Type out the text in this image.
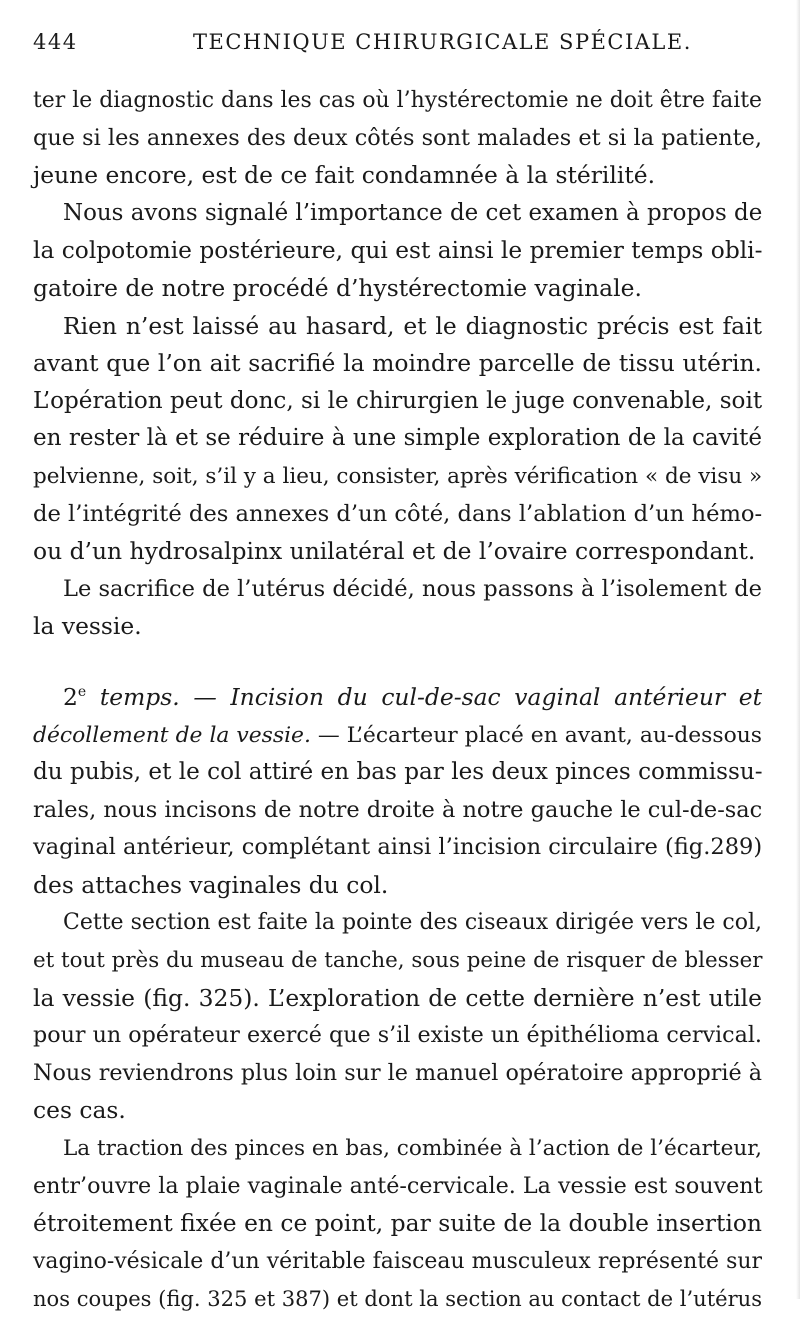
444	TECHNIQUE CHIRURGICALE SPÉCIALE.

ter le diagnostic dans les cas où l’hystérectomie ne doit être faite
que si les annexes des deux côtés sont malades et si la patiente,
jeune encore, est de ce fait condamnée à la stérilité.

Nous avons signalé l’importance de cet examen à propos de
la colpotomie postérieure, qui est ainsi le premier temps obli-
gatoire de notre procédé d’hystérectomie vaginale.

Rien n’est laissé au hasard, et le diagnostic précis est fait
avant que l’on ait sacrifié la moindre parcelle de tissu utérin.
L’opération peut donc, si le chirurgien le juge convenable, soit
en rester là et se réduire à une simple exploration de la cavité
pelvienne, soit, s’il y a lieu, consister, après vérification « de visu »
de l’intégrité des annexes d’un côté, dans l’ablation d’un hémo-
ou d’un hydrosalpinx unilatéral et de l’ovaire correspondant.

Le sacrifice de l’utérus décidé, nous passons à l’isolement de
la vessie.

2e temps. — Incision du cul-de-sac vaginal antérieur et
décollement de la vessie. — L’écarteur placé en avant, au-dessous
du pubis, et le col attiré en bas par les deux pinces commissu-
rales, nous incisons de notre droite à notre gauche le cul-de-sac
vaginal antérieur, complétant ainsi l’incision circulaire (fig.289)
des attaches vaginales du col.

Cette section est faite la pointe des ciseaux dirigée vers le col,
et tout près du museau de tanche, sous peine de risquer de blesser
la vessie (fig. 325). L’exploration de cette dernière n’est utile
pour un opérateur exercé que s’il existe un épithélioma cervical.
Nous reviendrons plus loin sur le manuel opératoire approprié à
ces cas.

La traction des pinces en bas, combinée à l’action de l’écarteur,
entr’ouvre la plaie vaginale anté-cervicale. La vessie est souvent
étroitement fixée en ce point, par suite de la double insertion
vagino-vésicale d’un véritable faisceau musculeux représenté sur
nos coupes (fig. 325 et 387) et dont la section au contact de l’utérus
